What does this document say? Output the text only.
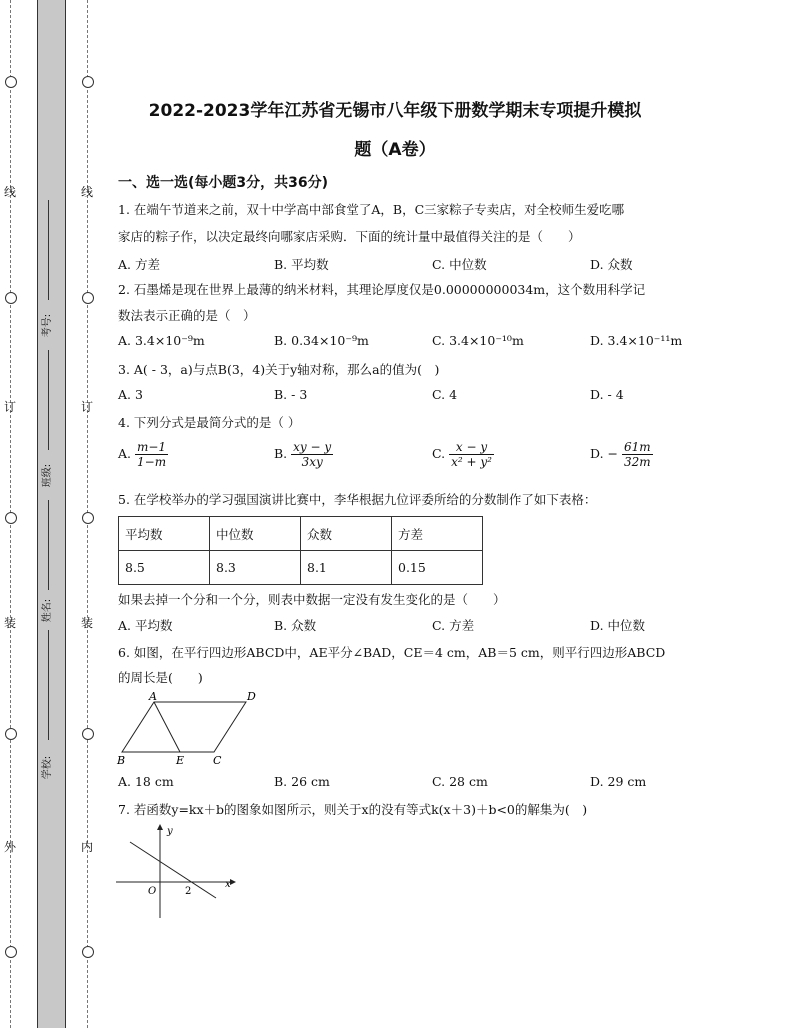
线
订
装
外
线
订
装
内
考号:
班级:
姓名:
学校:
2022-2023学年江苏省无锡市八年级下册数学期末专项提升模拟
题（A卷）
一、选一选(每小题3分，共36分)
1. 在端午节道来之前，双十中学高中部食堂了A，B，C三家粽子专卖店，对全校师生爱吃哪
家店的粽子作，以决定最终向哪家店采购．下面的统计量中最值得关注的是（　　）
A. 方差	B. 平均数	C. 中位数	D. 众数
2. 石墨烯是现在世界上最薄的纳米材料，其理论厚度仅是0.00000000034m，这个数用科学记
数法表示正确的是（　）
A. 3.4×10⁻⁹m	B. 0.34×10⁻⁹m	C. 3.4×10⁻¹⁰m	D. 3.4×10⁻¹¹m
3. A( - 3，a)与点B(3，4)关于y轴对称，那么a的值为(　)
A. 3	B. - 3	C. 4	D. - 4
4. 下列分式是最简分式的是（ ）
A. $\frac{m-1}{1-m}$	B. $\frac{xy - y}{3xy}$	C. $\frac{x - y}{\text{x² + y²}}$	D. − $\frac{61m}{32m}$
5. 在学校举办的学习强国演讲比赛中，李华根据九位评委所给的分数制作了如下表格：
平均数	中位数	众数	方差
8.5	8.3	8.1	0.15
如果去掉一个分和一个分，则表中数据一定没有发生变化的是（　　）
A. 平均数	B. 众数	C. 方差	D. 中位数
6. 如图，在平行四边形ABCD中，AE平分∠BAD，CE＝4 cm，AB＝5 cm，则平行四边形ABCD
的周长是(　　)
A	D
B	E	C
A. 18 cm	B. 26 cm	C. 28 cm	D. 29 cm
7. 若函数y=kx＋b的图象如图所示，则关于x的没有等式k(x＋3)＋b<0的解集为(　)
y
x
O	2
